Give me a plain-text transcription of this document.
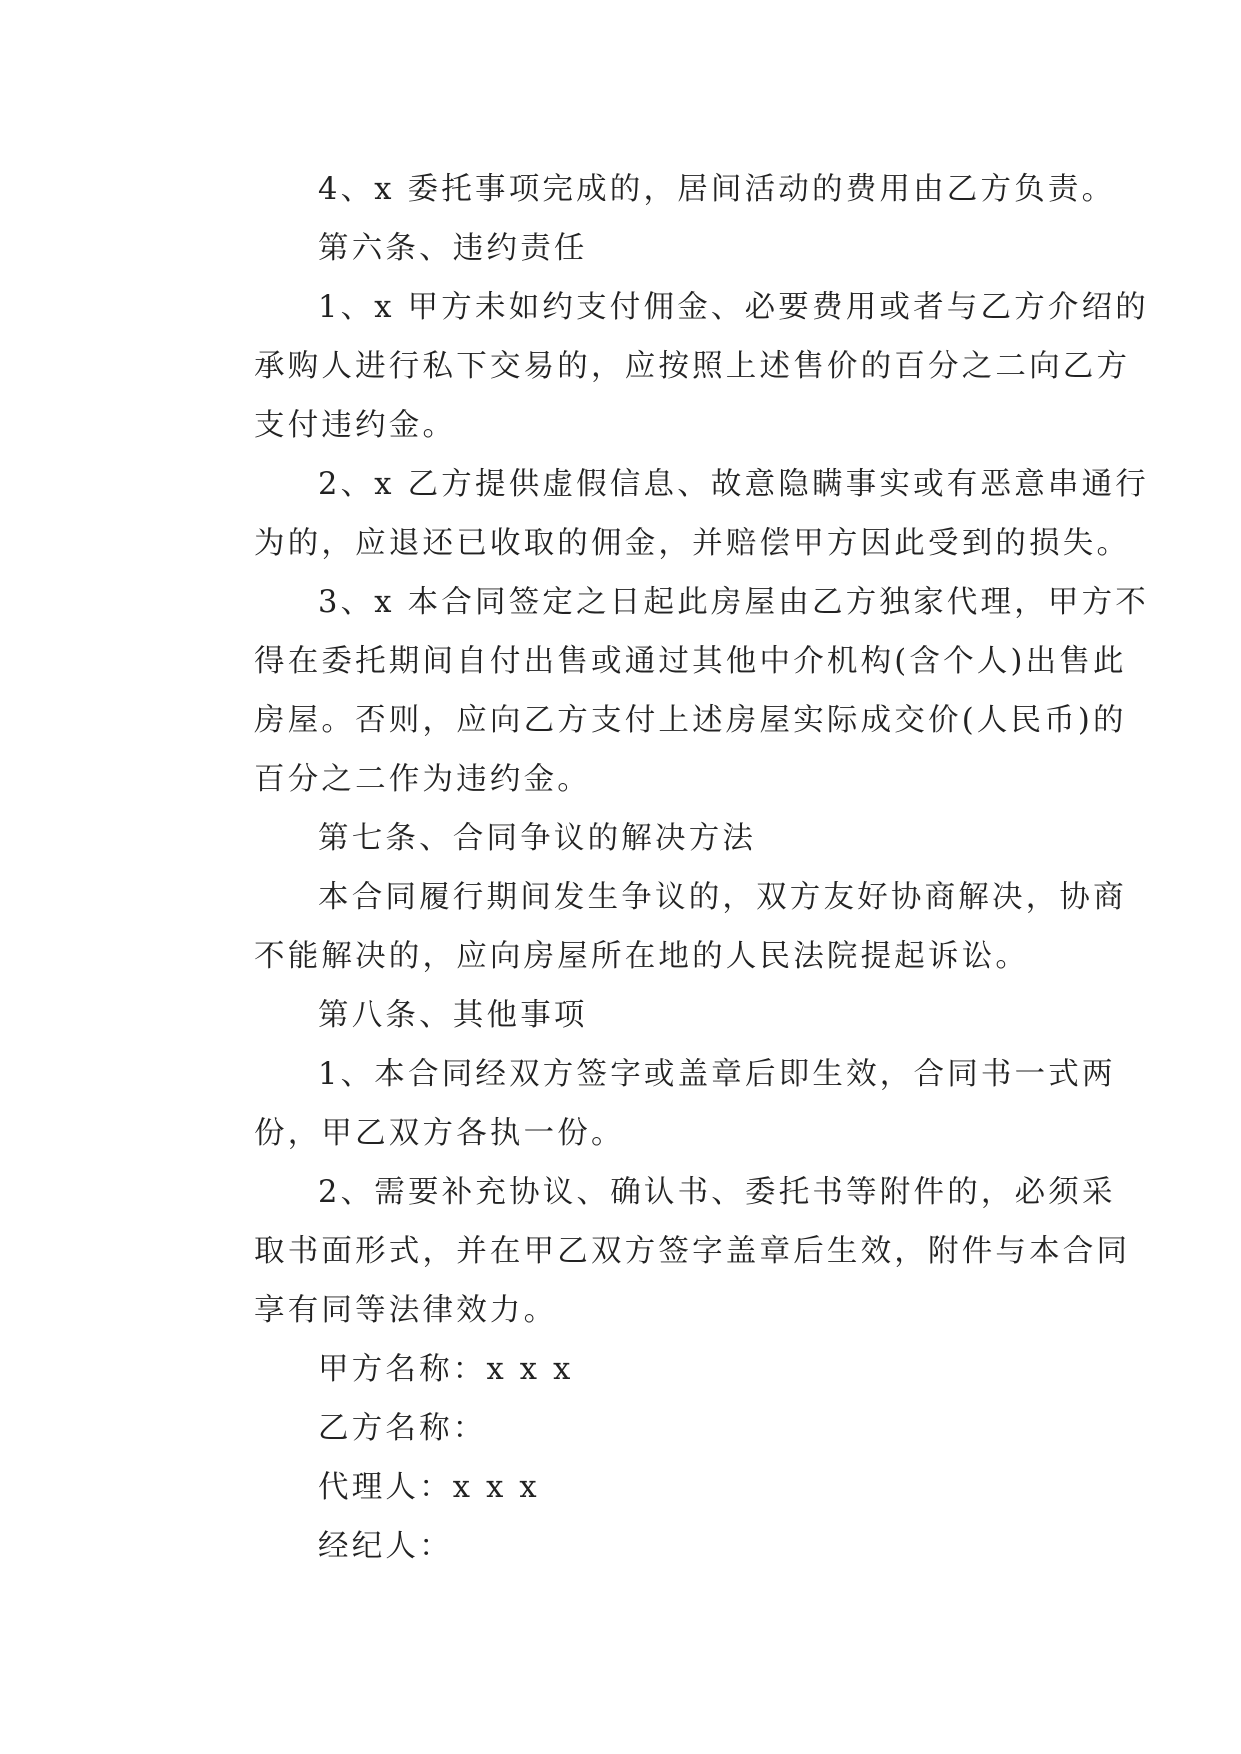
4、x 委托事项完成的，居间活动的费用由乙方负责。
第六条、违约责任
1、x 甲方未如约支付佣金、必要费用或者与乙方介绍的
承购人进行私下交易的，应按照上述售价的百分之二向乙方
支付违约金。
2、x 乙方提供虚假信息、故意隐瞒事实或有恶意串通行
为的，应退还已收取的佣金，并赔偿甲方因此受到的损失。
3、x 本合同签定之日起此房屋由乙方独家代理，甲方不
得在委托期间自付出售或通过其他中介机构(含个人)出售此
房屋。否则，应向乙方支付上述房屋实际成交价(人民币)的
百分之二作为违约金。
第七条、合同争议的解决方法
本合同履行期间发生争议的，双方友好协商解决，协商
不能解决的，应向房屋所在地的人民法院提起诉讼。
第八条、其他事项
1、本合同经双方签字或盖章后即生效，合同书一式两
份，甲乙双方各执一份。
2、需要补充协议、确认书、委托书等附件的，必须采
取书面形式，并在甲乙双方签字盖章后生效，附件与本合同
享有同等法律效力。
甲方名称：x x x
乙方名称：
代理人：x x x
经纪人：
